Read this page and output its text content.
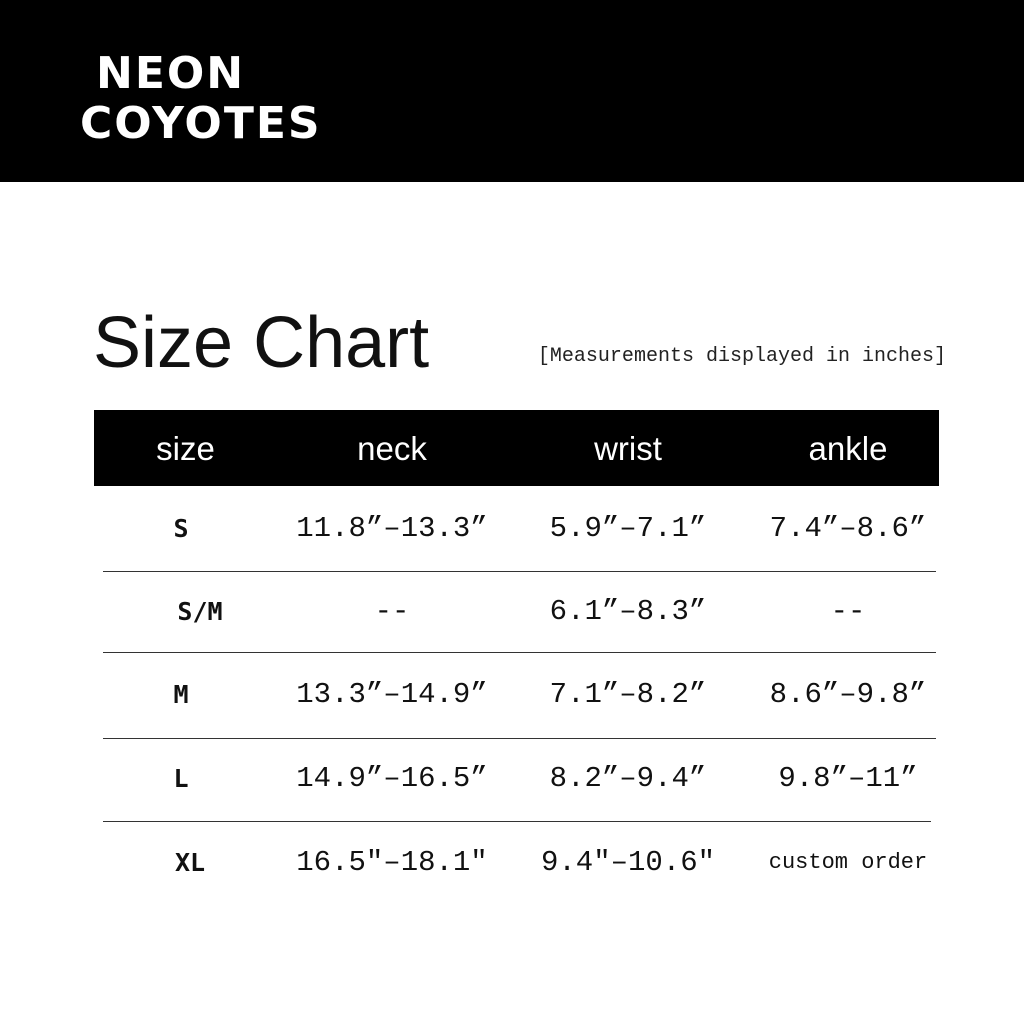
NEON
COYOTES
Size Chart	[Measurements displayed in inches]
size	neck	wrist	ankle
S	11.8”–13.3”	5.9”–7.1”	7.4”–8.6”
S/M	--	6.1”–8.3”	--
M	13.3”–14.9”	7.1”–8.2”	8.6”–9.8”
L	14.9”–16.5”	8.2”–9.4”	9.8”–11”
XL	16.5"–18.1"	9.4"–10.6"	custom order
